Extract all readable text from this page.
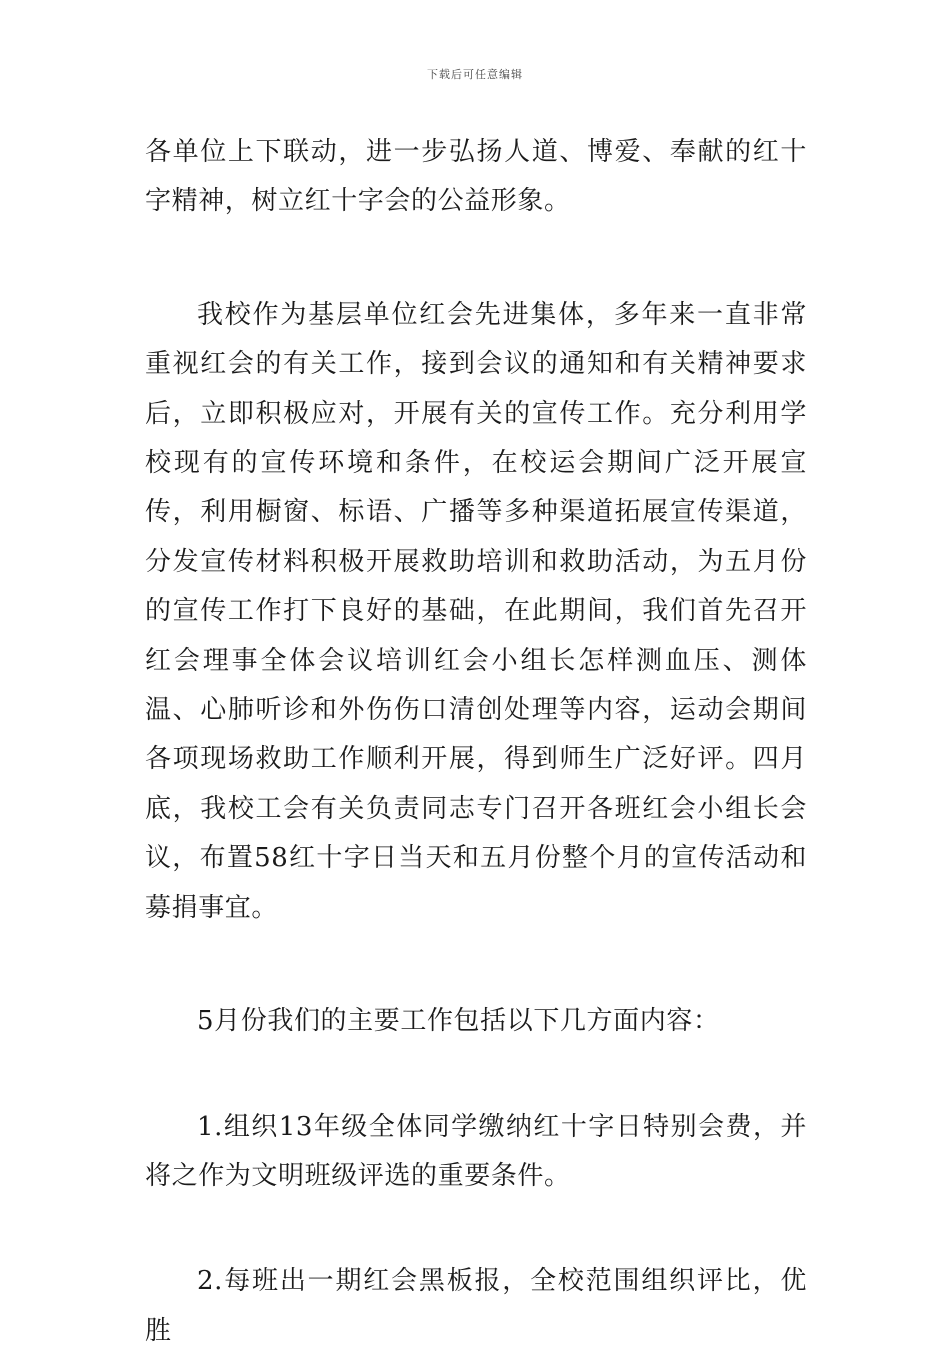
下载后可任意编辑

各单位上下联动，进一步弘扬人道、博爱、奉献的红十字精神，树立红十字会的公益形象。

我校作为基层单位红会先进集体，多年来一直非常重视红会的有关工作，接到会议的通知和有关精神要求后，立即积极应对，开展有关的宣传工作。充分利用学校现有的宣传环境和条件，在校运会期间广泛开展宣传，利用橱窗、标语、广播等多种渠道拓展宣传渠道，分发宣传材料积极开展救助培训和救助活动，为五月份的宣传工作打下良好的基础，在此期间，我们首先召开红会理事全体会议培训红会小组长怎样测血压、测体温、心肺听诊和外伤伤口清创处理等内容，运动会期间各项现场救助工作顺利开展，得到师生广泛好评。四月底，我校工会有关负责同志专门召开各班红会小组长会议，布置58红十字日当天和五月份整个月的宣传活动和募捐事宜。

5月份我们的主要工作包括以下几方面内容：

1.组织13年级全体同学缴纳红十字日特别会费，并将之作为文明班级评选的重要条件。

2.每班出一期红会黑板报，全校范围组织评比，优胜
